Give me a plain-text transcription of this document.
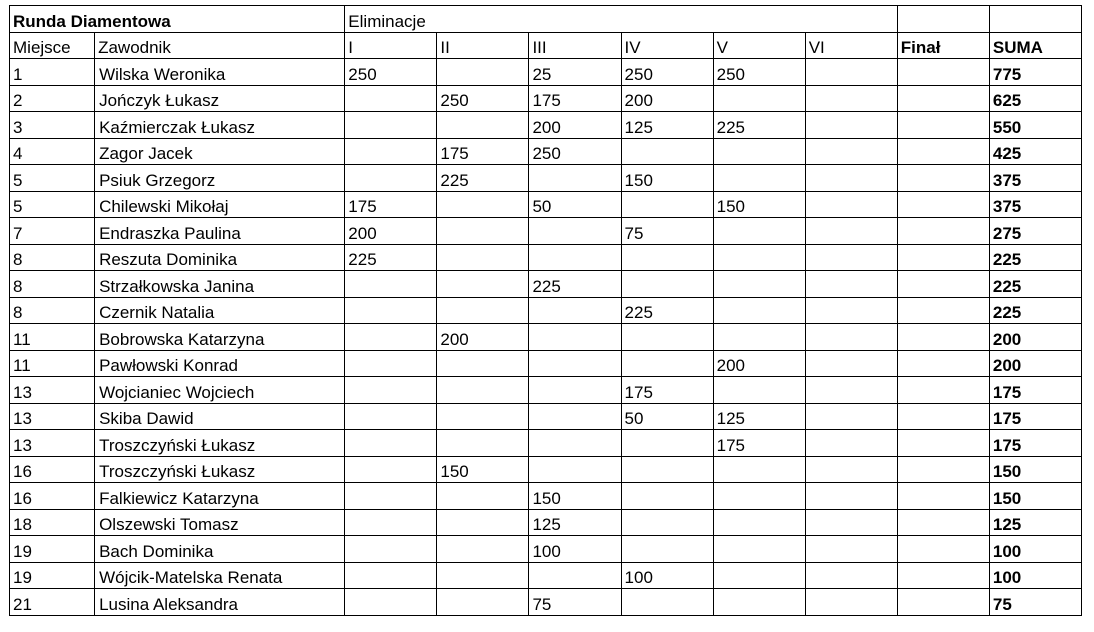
Runda Diamentowa		Eliminacje							
Miejsce	Zawodnik	I	II	III	IV	V	VI	Finał	SUMA
1	Wilska Weronika	250		25	250	250			775
2	Jończyk Łukasz		250	175	200				625
3	Kaźmierczak Łukasz			200	125	225			550
4	Zagor Jacek		175	250					425
5	Psiuk Grzegorz		225		150				375
5	Chilewski Mikołaj	175		50		150			375
7	Endraszka Paulina	200			75				275
8	Reszuta Dominika	225							225
8	Strzałkowska Janina			225					225
8	Czernik Natalia				225				225
11	Bobrowska Katarzyna		200						200
11	Pawłowski Konrad					200			200
13	Wojcianiec Wojciech				175				175
13	Skiba Dawid				50	125			175
13	Troszczyński Łukasz					175			175
16	Troszczyński Łukasz		150						150
16	Falkiewicz Katarzyna			150					150
18	Olszewski Tomasz			125					125
19	Bach Dominika			100					100
19	Wójcik-Matelska Renata				100				100
21	Lusina Aleksandra			75					75
